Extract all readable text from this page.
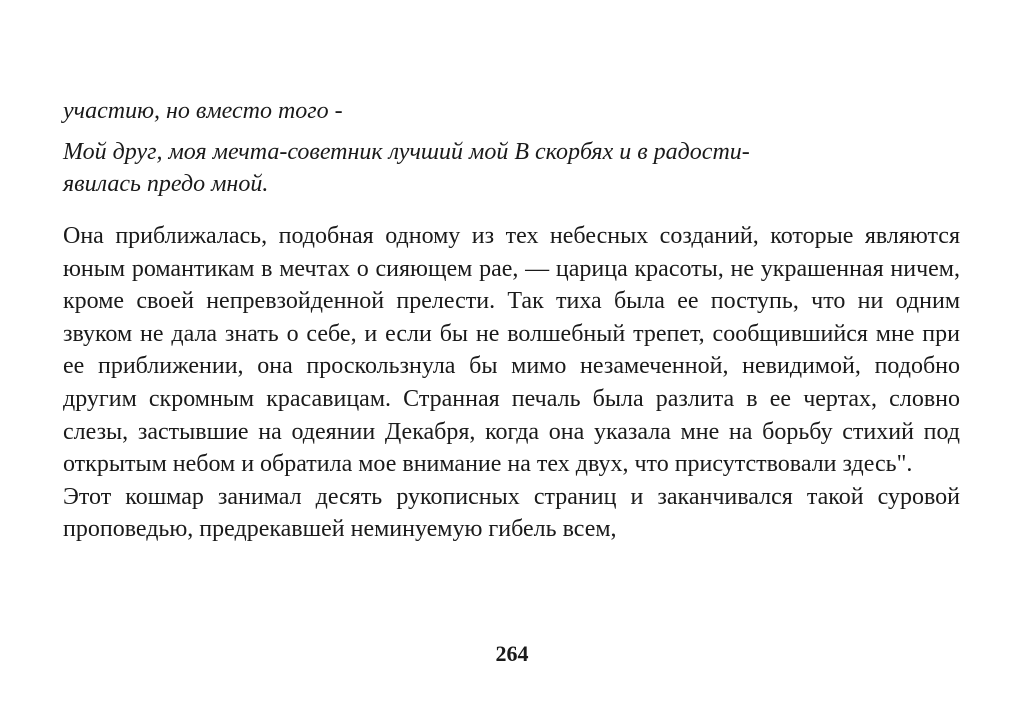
участию, но вместо того -

Мой друг, моя мечта-советник лучший мой В скорбях и в радости-
явилась предо мной.

Она приближалась, подобная одному из тех небесных созданий, которые являются юным романтикам в мечтах о сияющем рае, — царица красоты, не украшенная ничем, кроме своей непревзойденной прелести. Так тиха была ее поступь, что ни одним звуком не дала знать о себе, и если бы не волшебный трепет, сообщившийся мне при ее приближении, она проскользнула бы мимо незамеченной, невидимой, подобно другим скромным красавицам. Странная печаль была разлита в ее чертах, словно слезы, застывшие на одеянии Декабря, когда она указала мне на борьбу стихий под открытым небом и обратила мое внимание на тех двух, что присутствовали здесь".

Этот кошмар занимал десять рукописных страниц и заканчивался такой суровой проповедью, предрекавшей неминуемую гибель всем,

264
